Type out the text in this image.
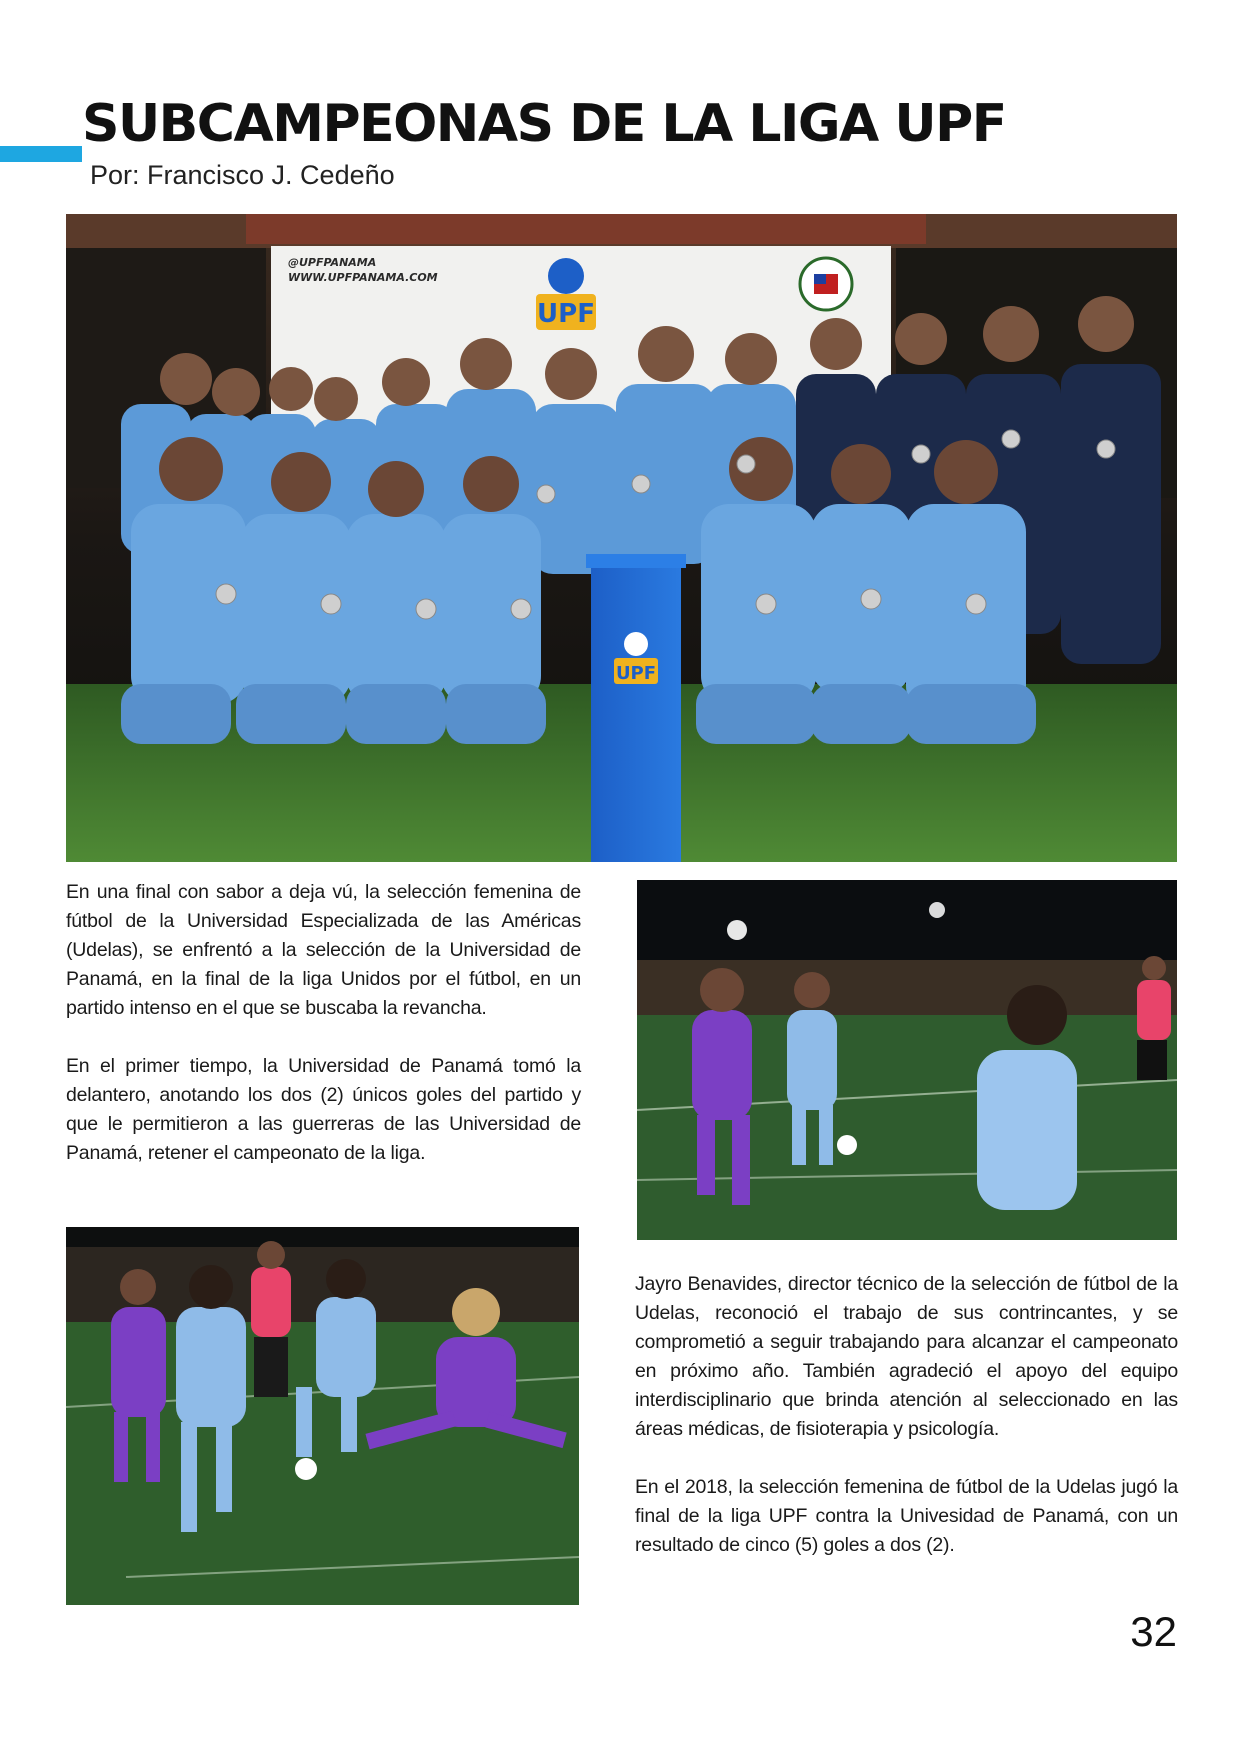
SUBCAMPEONAS DE LA LIGA UPF
Por: Francisco J. Cedeño
UPF
@UPFPANAMA
WWW.UPFPANAMA.COM
UPF

En una final con sabor a deja vú, la selección femenina de fútbol de la Universidad Especializada de las Américas (Udelas), se enfrentó a la selección de la Universidad de Panamá, en la final de la liga Unidos por el fútbol, en un partido intenso en el que se buscaba la revancha.

En el primer tiempo, la Universidad de Panamá tomó la delantero, anotando los dos (2) únicos goles del partido y que le permitieron a las guerreras de las Universidad de Panamá, retener el campeonato de la liga.

Jayro Benavides, director técnico de la selección de fútbol de la Udelas, reconoció el trabajo de sus contrincantes, y se comprometió a seguir trabajando para alcanzar el campeonato en próximo año. También agradeció el apoyo del equipo interdisciplinario que brinda atención al seleccionado en las áreas médicas, de fisioterapia y psicología.

En el 2018, la selección femenina de fútbol de la Udelas jugó la final de la liga UPF contra la Univesidad de Panamá, con un resultado de cinco (5) goles a dos (2).

32
